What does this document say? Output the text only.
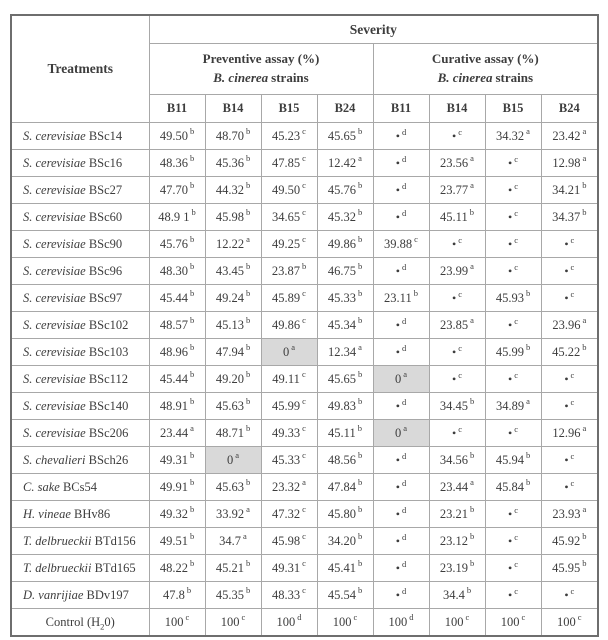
Treatments	Severity							

Preventive assay (%)
B. cinerea strains

Curative assay (%)
B. cinerea strains

	B11	B14	B15	B24	B11	B14	B15	B24
S. cerevisiae BSc14	49.50 $^b$	48.70 $^b$	45.23 $^c$	45.65 $^b$	• $^d$	• $^c$	34.32 $^a$	23.42 $^a$
S. cerevisiae BSc16	48.36 $^b$	45.36 $^b$	47.85 $^c$	12.42 $^a$	• $^d$	23.56 $^a$	• $^c$	12.98 $^a$
S. cerevisiae BSc27	47.70 $^b$	44.32 $^b$	49.50 $^c$	45.76 $^b$	• $^d$	23.77 $^a$	• $^c$	34.21 $^b$
S. cerevisiae BSc60	48.9 1 $^b$	45.98 $^b$	34.65 $^c$	45.32 $^b$	• $^d$	45.11 $^b$	• $^c$	34.37 $^b$
S. cerevisiae BSc90	45.76 $^b$	12.22 $^a$	49.25 $^c$	49.86 $^b$	39.88 $^c$	• $^c$	• $^c$	• $^c$
S. cerevisiae BSc96	48.30 $^b$	43.45 $^b$	23.87 $^b$	46.75 $^b$	• $^d$	23.99 $^a$	• $^c$	• $^c$
S. cerevisiae BSc97	45.44 $^b$	49.24 $^b$	45.89 $^c$	45.33 $^b$	23.11 $^b$	• $^c$	45.93 $^b$	• $^c$
S. cerevisiae BSc102	48.57 $^b$	45.13 $^b$	49.86 $^c$	45.34 $^b$	• $^d$	23.85 $^a$	• $^c$	23.96 $^a$
S. cerevisiae BSc103	48.96 $^b$	47.94 $^b$	0 $^a$	12.34 $^a$	• $^d$	• $^c$	45.99 $^b$	45.22 $^b$
S. cerevisiae BSc112	45.44 $^b$	49.20 $^b$	49.11 $^c$	45.65 $^b$	0 $^a$	• $^c$	• $^c$	• $^c$
S. cerevisiae BSc140	48.91 $^b$	45.63 $^b$	45.99 $^c$	49.83 $^b$	• $^d$	34.45 $^b$	34.89 $^a$	• $^c$
S. cerevisiae BSc206	23.44 $^a$	48.71 $^b$	49.33 $^c$	45.11 $^b$	0 $^a$	• $^c$	• $^c$	12.96 $^a$
S. chevalieri BSch26	49.31 $^b$	0 $^a$	45.33 $^c$	48.56 $^b$	• $^d$	34.56 $^b$	45.94 $^b$	• $^c$
C. sake BCs54	49.91 $^b$	45.63 $^b$	23.32 $^a$	47.84 $^b$	• $^d$	23.44 $^a$	45.84 $^b$	• $^c$
H. vineae BHv86	49.32 $^b$	33.92 $^a$	47.32 $^c$	45.80 $^b$	• $^d$	23.21 $^b$	• $^c$	23.93 $^a$
T. delbrueckii BTd156	49.51 $^b$	34.7 $^a$	45.98 $^c$	34.20 $^b$	• $^d$	23.12 $^b$	• $^c$	45.92 $^b$
T. delbrueckii BTd165	48.22 $^b$	45.21 $^b$	49.31 $^c$	45.41 $^b$	• $^d$	23.19 $^b$	• $^c$	45.95 $^b$
D. vanrijiae BDv197	47.8 $^b$	45.35 $^b$	48.33 $^c$	45.54 $^b$	• $^d$	34.4 $^b$	• $^c$	• $^c$
Control $(H_20)$	100 $^c$	100 $^c$	100 $^d$	100 $^c$	100 $^d$	100 $^c$	100 $^c$	100 $^c$
